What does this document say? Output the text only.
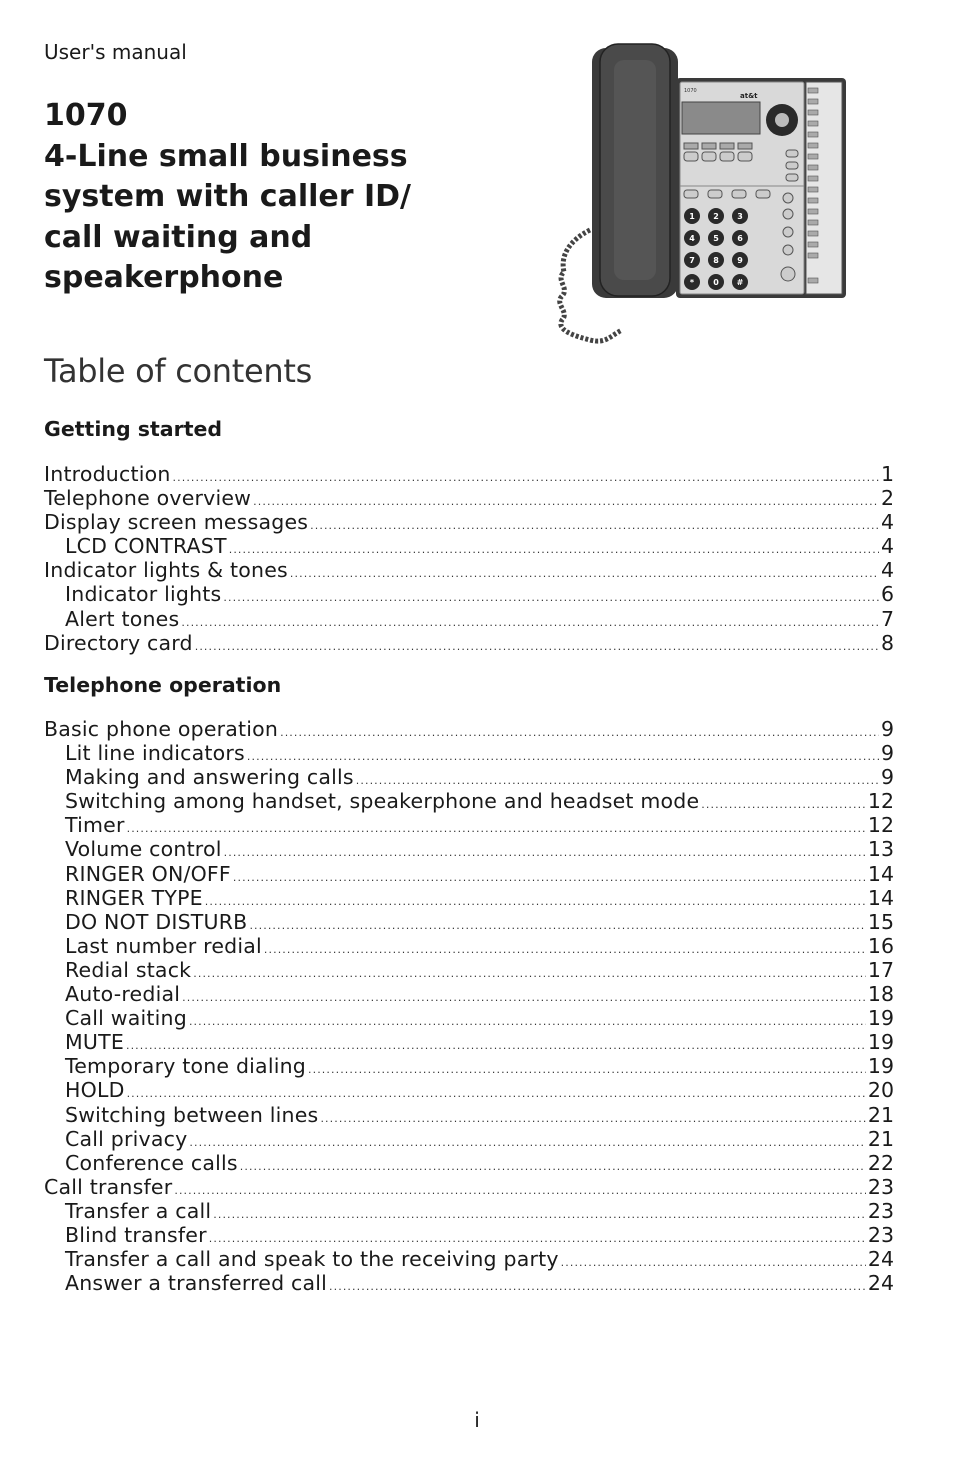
User's manual
1070
4-Line small business
system with caller ID/
call waiting and
speakerphone
1070
at&t
1 2 3
4 5 6
7 8 9
* 0 #
Table of contents
Getting started
Introduction .....	1
Telephone overview .....	2
Display screen messages .....	4
LCD CONTRAST .....	4
Indicator lights & tones .....	4
Indicator lights .....	6
Alert tones .....	7
Directory card .....	8
Telephone operation
Basic phone operation .....	9
Lit line indicators .....	9
Making and answering calls .....	9
Switching among handset, speakerphone and headset mode .....	12
Timer .....	12
Volume control .....	13
RINGER ON/OFF .....	14
RINGER TYPE .....	14
DO NOT DISTURB .....	15
Last number redial .....	16
Redial stack .....	17
Auto-redial .....	18
Call waiting .....	19
MUTE .....	19
Temporary tone dialing .....	19
HOLD .....	20
Switching between lines .....	21
Call privacy .....	21
Conference calls .....	22
Call transfer .....	23
Transfer a call .....	23
Blind transfer .....	23
Transfer a call and speak to the receiving party .....	24
Answer a transferred call .....	24
i
